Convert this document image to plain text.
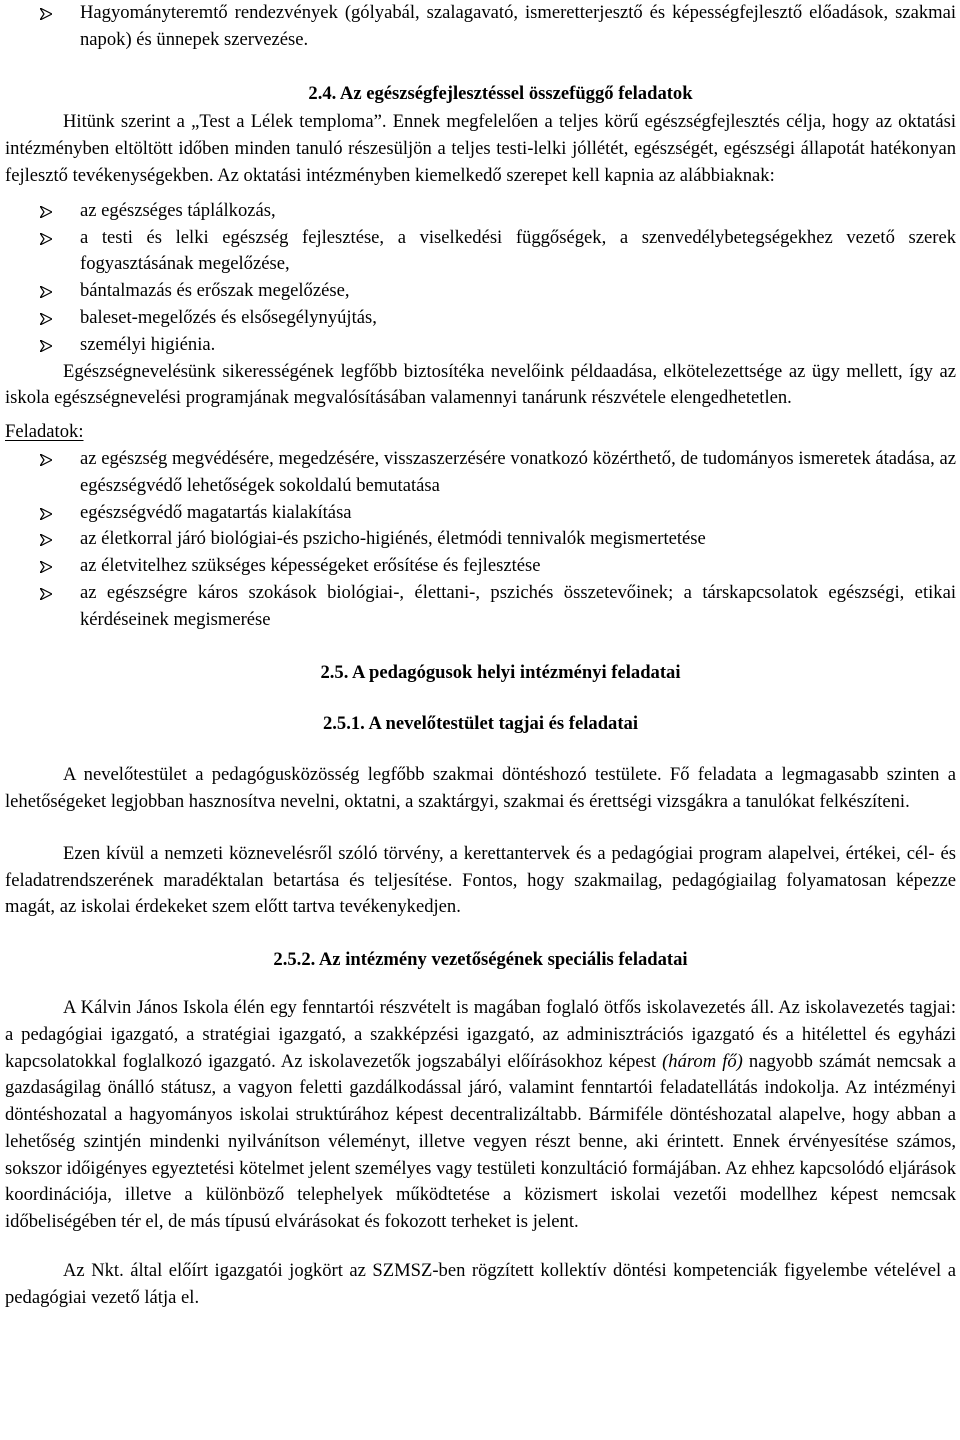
Hagyományteremtő rendezvények (gólyabál, szalagavató, ismeretterjesztő és képességfejlesztő előadások, szakmai napok) és ünnepek szervezése.
2.4. Az egészségfejlesztéssel összefüggő feladatok

Hitünk szerint a „Test a Lélek temploma”. Ennek megfelelően a teljes körű egészségfejlesztés célja, hogy az oktatási intézményben eltöltött időben minden tanuló részesüljön a teljes testi-lelki jóllétét, egészségét, egészségi állapotát hatékonyan fejlesztő tevékenységekben. Az oktatási intézményben kiemelkedő szerepet kell kapnia az alábbiaknak:

az egészséges táplálkozás,
a testi és lelki egészség fejlesztése, a viselkedési függőségek, a szenvedélybetegségekhez vezető szerek fogyasztásának megelőzése,
bántalmazás és erőszak megelőzése,
baleset-megelőzés és elsősegélynyújtás,
személyi higiénia.

Egészségnevelésünk sikerességének legfőbb biztosítéka nevelőink példaadása, elkötelezettsége az ügy mellett, így az iskola egészségnevelési programjának megvalósításában valamennyi tanárunk részvétele elengedhetetlen.

Feladatok:

az egészség megvédésére, megedzésére, visszaszerzésére vonatkozó közérthető, de tudományos ismeretek átadása, az egészségvédő lehetőségek sokoldalú bemutatása
egészségvédő magatartás kialakítása
az életkorral járó biológiai-és pszicho-higiénés, életmódi tennivalók megismertetése
az életvitelhez szükséges képességeket erősítése és fejlesztése
az egészségre káros szokások biológiai-, élettani-, pszichés összetevőinek; a társkapcsolatok egészségi, etikai kérdéseinek megismerése
2.5. A pedagógusok helyi intézményi feladatai
2.5.1. A nevelőtestület tagjai és feladatai

A nevelőtestület a pedagógusközösség legfőbb szakmai döntéshozó testülete. Fő feladata a legmagasabb szinten a lehetőségeket legjobban hasznosítva nevelni, oktatni, a szaktárgyi, szakmai és érettségi vizsgákra a tanulókat felkészíteni.

Ezen kívül a nemzeti köznevelésről szóló törvény, a kerettantervek és a pedagógiai program alapelvei, értékei, cél- és feladatrendszerének maradéktalan betartása és teljesítése. Fontos, hogy szakmailag, pedagógiailag folyamatosan képezze magát, az iskolai érdekeket szem előtt tartva tevékenykedjen.

2.5.2. Az intézmény vezetőségének speciális feladatai

A Kálvin János Iskola élén egy fenntartói részvételt is magában foglaló ötfős iskolavezetés áll. Az iskolavezetés tagjai: a pedagógiai igazgató, a stratégiai igazgató, a szakképzési igazgató, az adminisztrációs igazgató és a hitélettel és egyházi kapcsolatokkal foglalkozó igazgató. Az iskolavezetők jogszabályi előírásokhoz képest (három fő) nagyobb számát nemcsak a gazdaságilag önálló státusz, a vagyon feletti gazdálkodással járó, valamint fenntartói feladatellátás indokolja. Az intézményi döntéshozatal a hagyományos iskolai struktúrához képest decentralizáltabb. Bármiféle döntéshozatal alapelve, hogy abban a lehetőség szintjén mindenki nyilvánítson véleményt, illetve vegyen részt benne, aki érintett. Ennek érvényesítése számos, sokszor időigényes egyeztetési kötelmet jelent személyes vagy testületi konzultáció formájában. Az ehhez kapcsolódó eljárások koordinációja, illetve a különböző telephelyek működtetése a közismert iskolai vezetői modellhez képest nemcsak időbeliségében tér el, de más típusú elvárásokat és fokozott terheket is jelent.

Az Nkt. által előírt igazgatói jogkört az SZMSZ-ben rögzített kollektív döntési kompetenciák figyelembe vételével a pedagógiai vezető látja el.
